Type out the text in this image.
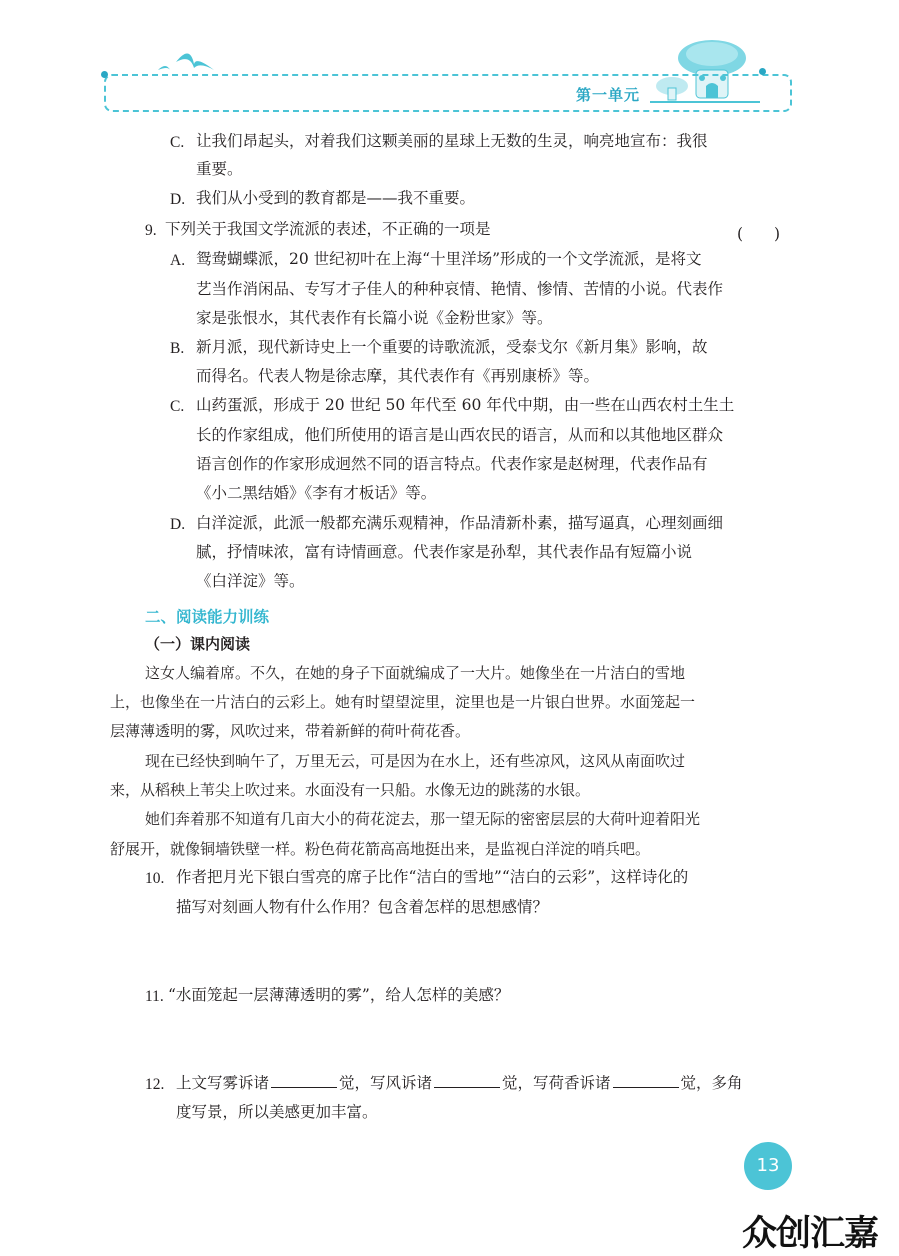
第一单元
C. 让我们昂起头，对着我们这颗美丽的星球上无数的生灵，响亮地宣布：我很
重要。
D. 我们从小受到的教育都是——我不重要。
9. 下列关于我国文学流派的表述，不正确的一项是	(　　)
A. 鸳鸯蝴蝶派，20 世纪初叶在上海“十里洋场”形成的一个文学流派，是将文
艺当作消闲品、专写才子佳人的种种哀情、艳情、惨情、苦情的小说。代表作
家是张恨水，其代表作有长篇小说《金粉世家》等。
B. 新月派，现代新诗史上一个重要的诗歌流派，受泰戈尔《新月集》影响，故
而得名。代表人物是徐志摩，其代表作有《再别康桥》等。
C. 山药蛋派，形成于 20 世纪 50 年代至 60 年代中期，由一些在山西农村土生土
长的作家组成，他们所使用的语言是山西农民的语言，从而和以其他地区群众
语言创作的作家形成迥然不同的语言特点。代表作家是赵树理，代表作品有
《小二黑结婚》《李有才板话》等。
D. 白洋淀派，此派一般都充满乐观精神，作品清新朴素，描写逼真，心理刻画细
腻，抒情味浓，富有诗情画意。代表作家是孙犁，其代表作品有短篇小说
《白洋淀》等。
二、阅读能力训练
（一）课内阅读
这女人编着席。不久，在她的身子下面就编成了一大片。她像坐在一片洁白的雪地
上，也像坐在一片洁白的云彩上。她有时望望淀里，淀里也是一片银白世界。水面笼起一
层薄薄透明的雾，风吹过来，带着新鲜的荷叶荷花香。
现在已经快到晌午了，万里无云，可是因为在水上，还有些凉风，这风从南面吹过
来，从稻秧上苇尖上吹过来。水面没有一只船。水像无边的跳荡的水银。
她们奔着那不知道有几亩大小的荷花淀去，那一望无际的密密层层的大荷叶迎着阳光
舒展开，就像铜墙铁壁一样。粉色荷花箭高高地挺出来，是监视白洋淀的哨兵吧。
10. 作者把月光下银白雪亮的席子比作“洁白的雪地”“洁白的云彩”，这样诗化的
描写对刻画人物有什么作用？包含着怎样的思想感情？
11. “水面笼起一层薄薄透明的雾”，给人怎样的美感？
12. 上文写雾诉诸	觉，写风诉诸	觉，写荷香诉诸	觉，多角
度写景，所以美感更加丰富。
13
众创汇嘉
